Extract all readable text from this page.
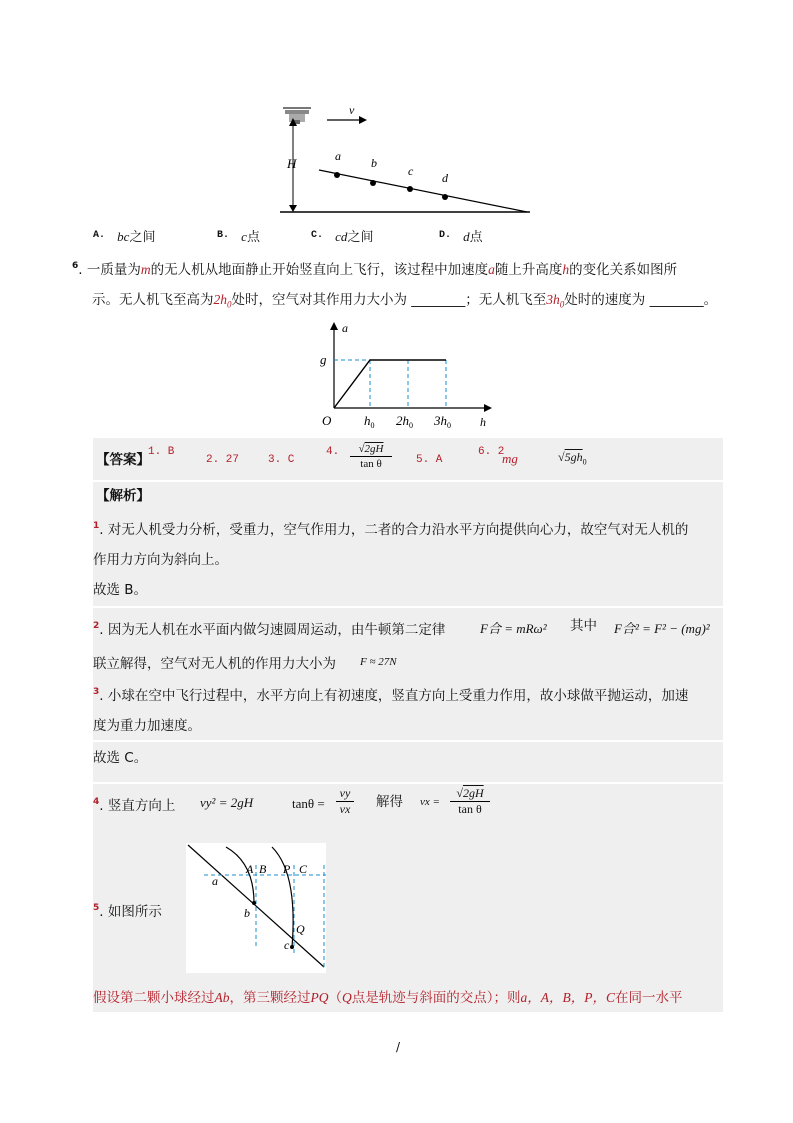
v
H	a	b
c d
$^{A.}$ bc之间	$^{B.}$ c点	$^{C.}$ cd之间	$^{D.}$ d点
$^6$. 一质量为m的无人机从地面静止开始竖直向上飞行，该过程中加速度a随上升高度h的变化关系如图所
示。无人机飞至高为$2h_0$处时，空气对其作用力大小为 ________；无人机飞至$3h_0$处时的速度为 ________。
a
h
g
O	$h_0$ $2h_0$ $3h_0$
【答案】
1. B
2. 27	3. C
4.	√2gH
tan θ	5. A
6. 2
mg	$√5gh_0$
【解析】
$^1$. 对无人机受力分析，受重力，空气作用力，二者的合力沿水平方向提供向心力，故空气对无人机的
作用力方向为斜向上。
故选 B。
$^2$. 因为无人机在水平面内做匀速圆周运动，由牛顿第二定律	F合 = mRω² 其中 F合² = F² − (mg)²
联立解得，空气对无人机的作用力大小为 F ≈ 27N
$^3$. 小球在空中飞行过程中，水平方向上有初速度，竖直方向上受重力作用，故小球做平抛运动，加速
度为重力加速度。
故选 C。
$^4$. 竖直方向上 vy² = 2gH	tanθ =
vy
vx 解得 vx =
√2gH
tan θ
$^5$. 如图所示
A B P C
a
b
Q
c
假设第二颗小球经过Ab，第三颗经过PQ（Q点是轨迹与斜面的交点）；则a，A，B，P，C在同一水平
/
